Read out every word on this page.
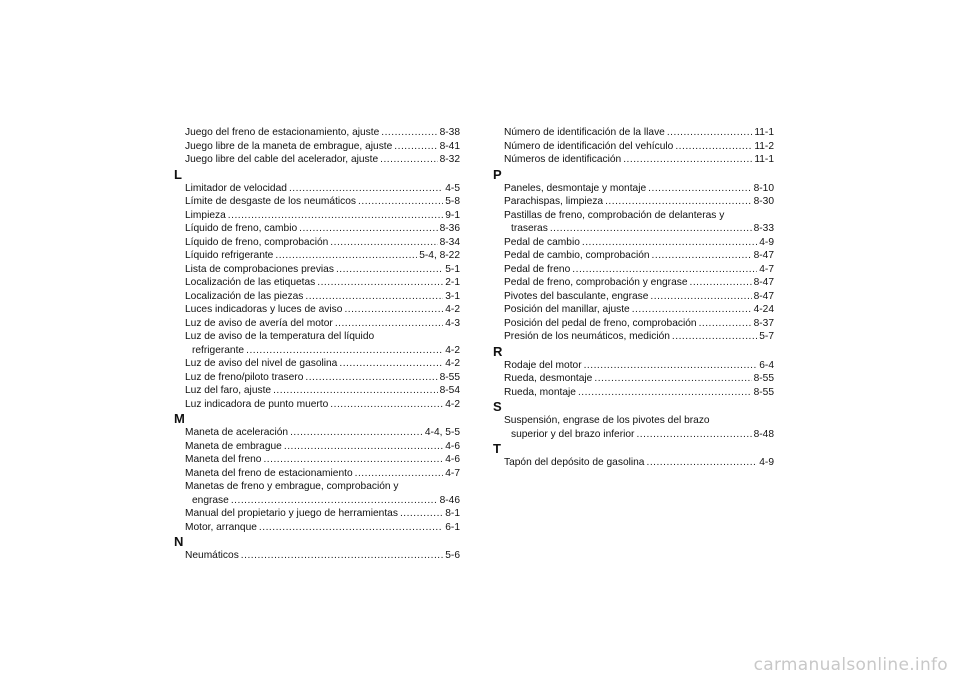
Juego del freno de estacionamiento, ajuste .....	8-38
Juego libre de la maneta de embrague, ajuste .....	8-41
Juego libre del cable del acelerador, ajuste .....	8-32
L
Limitador de velocidad .....	4-5
Límite de desgaste de los neumáticos .....	5-8
Limpieza .....	9-1
Líquido de freno, cambio .....	8-36
Líquido de freno, comprobación .....	8-34
Líquido refrigerante .....	5-4, 8-22
Lista de comprobaciones previas .....	5-1
Localización de las etiquetas .....	2-1
Localización de las piezas .....	3-1
Luces indicadoras y luces de aviso .....	4-2
Luz de aviso de avería del motor .....	4-3
Luz de aviso de la temperatura del líquido
refrigerante .....	4-2
Luz de aviso del nivel de gasolina .....	4-2
Luz de freno/piloto trasero .....	8-55
Luz del faro, ajuste .....	8-54
Luz indicadora de punto muerto .....	4-2
M
Maneta de aceleración .....	4-4, 5-5
Maneta de embrague .....	4-6
Maneta del freno .....	4-6
Maneta del freno de estacionamiento .....	4-7
Manetas de freno y embrague, comprobación y
engrase .....	8-46
Manual del propietario y juego de herramientas .....	8-1
Motor, arranque .....	6-1
N
Neumáticos .....	5-6
Número de identificación de la llave .....	11-1
Número de identificación del vehículo .....	11-2
Números de identificación .....	11-1
P
Paneles, desmontaje y montaje .....	8-10
Parachispas, limpieza .....	8-30
Pastillas de freno, comprobación de delanteras y
traseras .....	8-33
Pedal de cambio .....	4-9
Pedal de cambio, comprobación .....	8-47
Pedal de freno .....	4-7
Pedal de freno, comprobación y engrase .....	8-47
Pivotes del basculante, engrase .....	8-47
Posición del manillar, ajuste .....	4-24
Posición del pedal de freno, comprobación .....	8-37
Presión de los neumáticos, medición .....	5-7
R
Rodaje del motor .....	6-4
Rueda, desmontaje .....	8-55
Rueda, montaje .....	8-55
S
Suspensión, engrase de los pivotes del brazo
superior y del brazo inferior .....	8-48
T
Tapón del depósito de gasolina .....	4-9
carmanualsonline.info
